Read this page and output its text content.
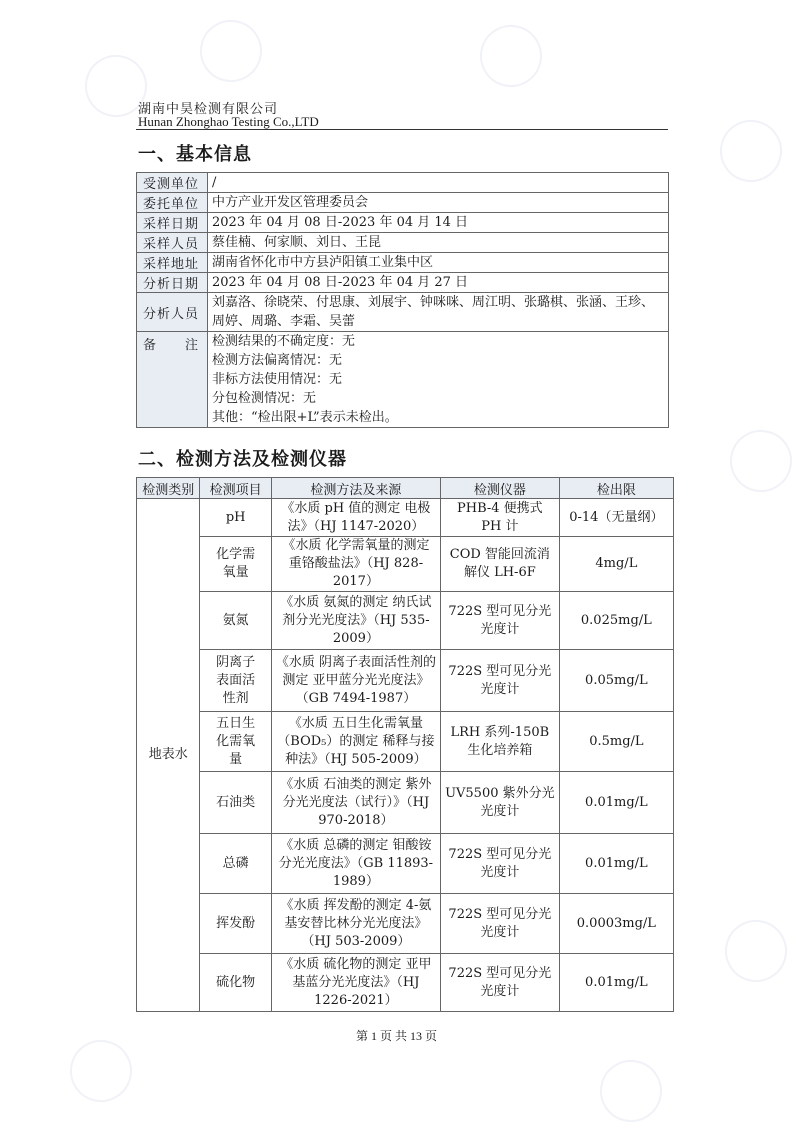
湖南中昊检测有限公司
Hunan Zhonghao Testing Co.,LTD
一、基本信息
受测单位	/
委托单位	中方产业开发区管理委员会
采样日期	2023 年 04 月 08 日-2023 年 04 月 14 日
采样人员	蔡佳楠、何家顺、刘日、王昆
采样地址	湖南省怀化市中方县泸阳镇工业集中区
分析日期	2023 年 04 月 08 日-2023 年 04 月 27 日
分析人员	刘嘉洛、徐晓荣、付思康、刘展宇、钟咪咪、周江明、张璐棋、张涵、王珍、周婷、周璐、李霜、吴蕾
备　　注	检测结果的不确定度：无
检测方法偏离情况：无
非标方法使用情况：无
分包检测情况：无
其他：“检出限+L”表示未检出。
二、检测方法及检测仪器
检测类别	检测项目	检测方法及来源	检测仪器	检出限
地表水	pH	《水质 pH 值的测定 电极法》（HJ 1147-2020）	PHB-4 便携式 PH 计	0-14（无量纲）
	化学需氧量	《水质 化学需氧量的测定 重铬酸盐法》（HJ 828-2017）	COD 智能回流消解仪 LH-6F	4mg/L
	氨氮	《水质 氨氮的测定 纳氏试剂分光光度法》（HJ 535-2009）	722S 型可见分光光度计	0.025mg/L
	阴离子表面活性剂	《水质 阴离子表面活性剂的测定 亚甲蓝分光光度法》（GB 7494-1987）	722S 型可见分光光度计	0.05mg/L
	五日生化需氧量	《水质 五日生化需氧量（BOD₅）的测定 稀释与接种法》（HJ 505-2009）	LRH 系列-150B 生化培养箱	0.5mg/L
	石油类	《水质 石油类的测定 紫外分光光度法（试行）》（HJ 970-2018）	UV5500 紫外分光光度计	0.01mg/L
	总磷	《水质 总磷的测定 钼酸铵分光光度法》（GB 11893-1989）	722S 型可见分光光度计	0.01mg/L
	挥发酚	《水质 挥发酚的测定 4-氨基安替比林分光光度法》（HJ 503-2009）	722S 型可见分光光度计	0.0003mg/L
	硫化物	《水质 硫化物的测定 亚甲基蓝分光光度法》（HJ 1226-2021）	722S 型可见分光光度计	0.01mg/L
第 1 页 共 13 页
